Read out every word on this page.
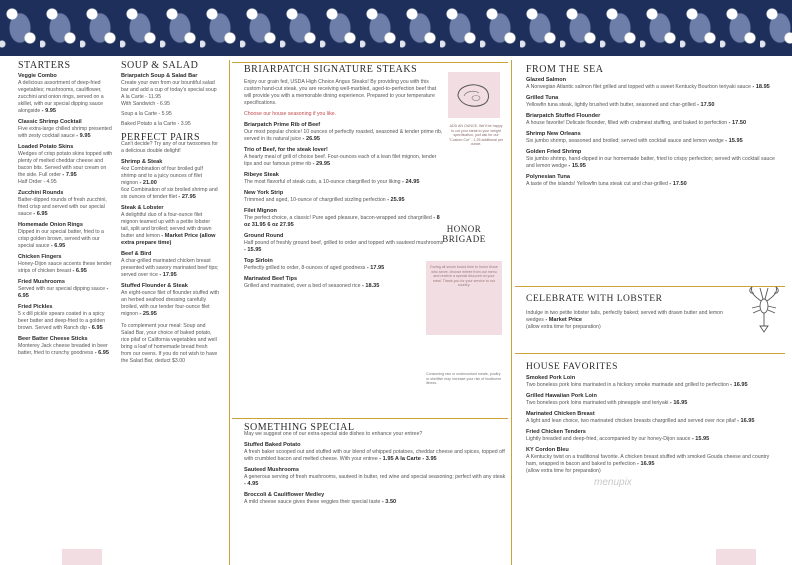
STARTERS
Veggie Combo
A delicious assortment of deep-fried vegetables; mushrooms, cauliflower, zucchini and onion rings, served on a skillet, with our special dipping sauce alongside - 9.95
Classic Shrimp Cocktail
Five extra-large chilled shrimp presented with zesty cocktail sauce - 9.95
Loaded Potato Skins
Wedges of crisp potato skins topped with plenty of melted cheddar cheese and bacon bits. Served with sour cream on the side. Full order - 7.95
Half Order - 4.95
Zucchini Rounds
Batter-dipped rounds of fresh zucchini, fried crisp and served with our special sauce - 6.95
Homemade Onion Rings
Dipped in our special batter, fried to a crisp golden brown, served with our special sauce - 6.95
Chicken Fingers
Honey-Dijon sauce accents these tender strips of chicken breast - 6.95
Fried Mushrooms
Served with our special dipping sauce - 6.95
Fried Pickles
5 x dill pickle spears coated in a spicy beer batter and deep-fried to a golden brown. Served with Ranch dip - 6.95
Beer Batter Cheese Sticks
Monterey Jack cheese breaded in beer batter, fried to crunchy goodness - 6.95
SOUP & SALAD
Briarpatch Soup & Salad Bar
Create your own from our bountiful salad bar and add a cup of today's special soup
A la Carte - 11.95
With Sandwich - 6.95
Soup a la Carte - 5.95
Baked Potato a la Carte - 3.95
PERFECT PAIRS
Can't decide? Try any of our twosomes for a delicious double delight!
Shrimp & Steak
4oz Combination of four broiled gulf shrimp and to a juicy ounces of filet mignon - 21.00
6oz Combination of six broiled shrimp and six ounces of tender filet - 27.95
Steak & Lobster
A delightful duo of a four-ounce filet mignon teamed up with a petite lobster tail, split and broiled; served with drawn butter and lemon - Market Price (allow extra prepare time)
Beef & Bird
A char-grilled marinated chicken breast presented with savory marinated beef tips; served over rice - 17.95
Stuffed Flounder & Steak
An eight-ounce filet of flounder stuffed with an herbed seafood dressing carefully broiled, with our tender four-ounce filet mignon - 25.95
To complement your meal: Soup and Salad Bar, your choice of baked potato, rice pilaf or California vegetables and well bring a loaf of homemade bread fresh from our ovens. If you do not wish to have the Salad Bar, deduct $3.00
BRIARPATCH SIGNATURE STEAKS
Enjoy our grain fed, USDA High Choice Angus Steaks! By providing you with this custom hand-cut steak, you are receiving well-marbled, aged-to-perfection beef that will provide you with a memorable dining experience. Prepared to your temperature specifications.
Choose our house seasoning if you like.
Briarpatch Prime Rib of Beef
Our most popular choice! 10 ounces of perfectly roasted, seasoned & tender prime rib, served in its natural juice - 26.95
Trio of Beef, for the steak lover!
A hearty meal of grill of choice beef. Four-ounces each of a lean filet mignon, tender tips and our famous prime rib - 29.95
Ribeye Steak
The most flavorful of steak cuts, a 10-ounce chargrilled to your liking - 24.95
New York Strip
Trimmed and aged, 10-ounce of chargrilled sizzling perfection - 25.95
Filet Mignon
The perfect choice, a classic! Pure aged pleasure, bacon-wrapped and chargrilled - 8 oz 31.95 6 oz 27.95
Ground Round
Half pound of freshly ground beef, grilled to order and topped with sauteed mushrooms - 15.95
Top Sirloin
Perfectly grilled to order, 8-ounces of aged goodness - 17.95
Marinated Beef Tips
Grilled and marinated, over a bed of seasoned rice - 18.35
ADD AN OUNCE. We'll be happy to cut your steak to your weight specification, just ask for our "Custom Cut" - 1.25 additional per ounce.
HONOR
BRIGADE
During all sworn board time to honor those who serve, choose entree from our menu and receive a special discount on your meal. Thank you for your service to our country.
Consuming raw or undercooked meats, poultry or shellfish may increase your risk of foodborne illness.
SOMETHING SPECIAL
May we suggest one of our extra-special side dishes to enhance your entree?
Stuffed Baked Potato
A fresh baker scooped out and stuffed with our blend of whipped potatoes, cheddar cheese and spices, topped off with crumbled bacon and melted cheese. With your entree - 1.95 A la Carte - 3.95
Sauteed Mushrooms
A generous serving of fresh mushrooms, sauteed in butter, red wine and special seasoning; perfect with any steak - 4.95
Broccoli & Cauliflower Medley
A mild cheese sauce gives these veggies their special taste - 3.50
FROM THE SEA
Glazed Salmon
A Norwegian Atlantic salmon filet grilled and topped with a sweet Kentucky Bourbon teriyaki sauce - 18.95
Grilled Tuna
Yellowfin tuna steak, lightly brushed with butter, seasoned and char-grilled - 17.50
Briarpatch Stuffed Flounder
A house favorite! Delicate flounder, filled with crabmeat stuffing, and baked to perfection - 17.50
Shrimp New Orleans
Six jumbo shrimp, seasoned and broiled; served with cocktail sauce and lemon wedge - 15.95
Golden Fried Shrimp
Six jumbo shrimp, hand-dipped in our homemade batter, fried to crispy perfection; served with cocktail sauce and lemon wedge - 15.95
Polynesian Tuna
A taste of the islands! Yellowfin tuna steak cut and char-grilled - 17.50
CELEBRATE WITH LOBSTER
Indulge in two petite lobster tails, perfectly baked; served with drawn butter and lemon wedges - Market Price
(allow extra time for preparation)
HOUSE FAVORITES
Smoked Pork Loin
Two boneless pork loins marinated in a hickory smoke marinade and grilled to perfection - 16.95
Grilled Hawaiian Pork Loin
Two boneless pork loins marinated with pineapple and teriyaki - 16.95
Marinated Chicken Breast
A light and lean choice, two marinated chicken breasts chargrilled and served over rice pilaf - 16.95
Fried Chicken Tenders
Lightly breaded and deep-fried, accompanied by our honey-Dijon sauce - 15.95
KY Cordon Bleu
A Kentucky twist on a traditional favorite. A chicken breast stuffed with smoked Gouda cheese and country ham, wrapped in bacon and baked to perfection - 16.95
(allow extra time for preparation)
menupix
